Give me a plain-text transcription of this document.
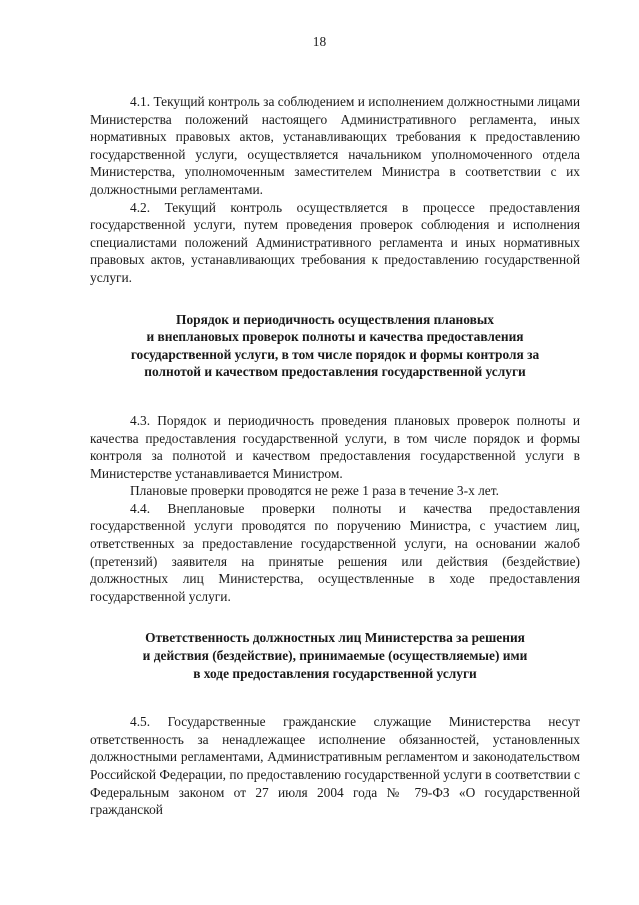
18

4.1. Текущий контроль за соблюдением и исполнением должностными лицами Министерства положений настоящего Административного регламента, иных нормативных правовых актов, устанавливающих требования к предоставлению государственной услуги, осуществляется начальником уполномоченного отдела Министерства, уполномоченным заместителем Министра в соответствии с их должностными регламентами.

4.2. Текущий контроль осуществляется в процессе предоставления государственной услуги, путем проведения проверок соблюдения и исполнения специалистами положений Административного регламента и иных нормативных правовых актов, устанавливающих требования к предоставлению государственной услуги.

Порядок и периодичность осуществления плановых
и внеплановых проверок полноты и качества предоставления
государственной услуги, в том числе порядок и формы контроля за
полнотой и качеством предоставления государственной услуги

4.3. Порядок и периодичность проведения плановых проверок полноты и качества предоставления государственной услуги, в том числе порядок и формы контроля за полнотой и качеством предоставления государственной услуги в Министерстве устанавливается Министром.

Плановые проверки проводятся не реже 1 раза в течение 3-х лет.

4.4. Внеплановые проверки полноты и качества предоставления государственной услуги проводятся по поручению Министра, с участием лиц, ответственных за предоставление государственной услуги, на основании жалоб (претензий) заявителя на принятые решения или действия (бездействие) должностных лиц Министерства, осуществленные в ходе предоставления государственной услуги.

Ответственность должностных лиц Министерства за решения
и действия (бездействие), принимаемые (осуществляемые) ими
в ходе предоставления государственной услуги

4.5. Государственные гражданские служащие Министерства несут ответственность за ненадлежащее исполнение обязанностей, установленных должностными регламентами, Административным регламентом и законодательством Российской Федерации, по предоставлению государственной услуги в соответствии с Федеральным законом от 27 июля 2004 года № 79-ФЗ «О государственной гражданской
